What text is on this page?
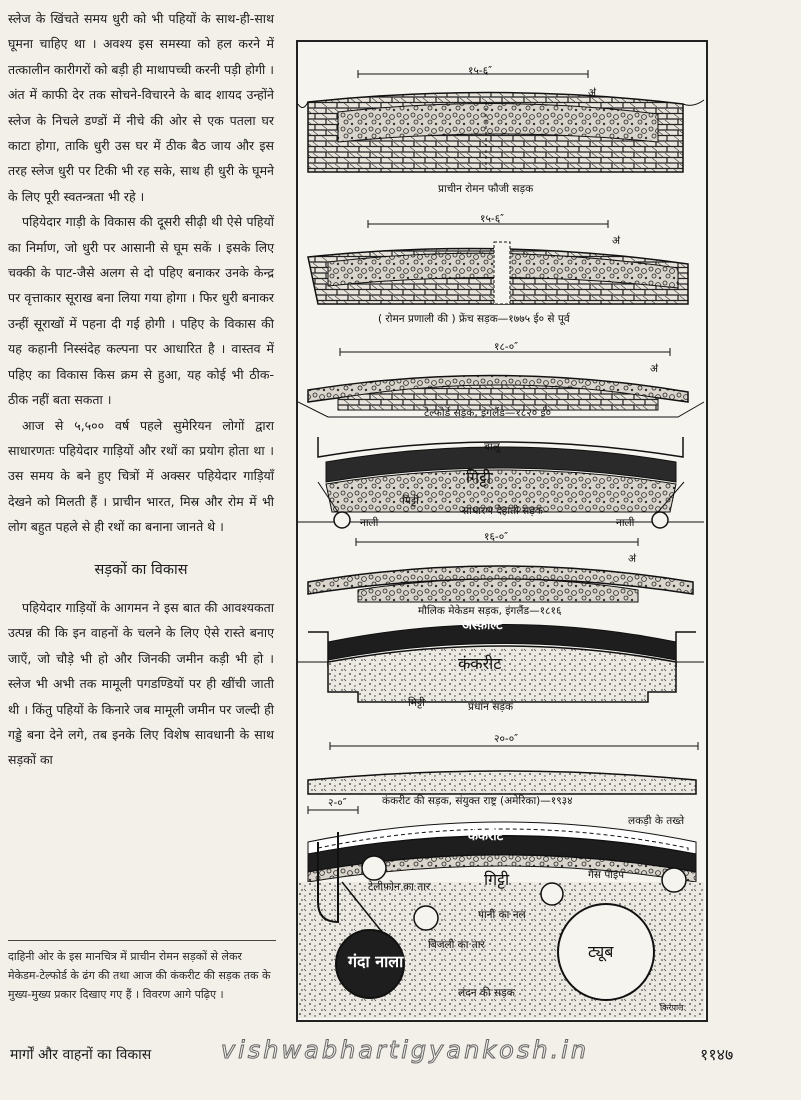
स्लेज के खिंचते समय धुरी को भी पहियों के साथ-ही-साथ घूमना चाहिए था । अवश्य इस समस्या को हल करने में तत्कालीन कारीगरों को बड़ी ही माथापच्ची करनी पड़ी होगी । अंत में काफी देर तक सोचने-विचारने के बाद शायद उन्होंने स्लेज के निचले डण्डों में नीचे की ओर से एक पतला घर काटा होगा, ताकि धुरी उस घर में ठीक बैठ जाय और इस तरह स्लेज धुरी पर टिकी भी रह सके, साथ ही धुरी के घूमने के लिए पूरी स्वतन्त्रता भी रहे ।

पहियेदार गाड़ी के विकास की दूसरी सीढ़ी थी ऐसे पहियों का निर्माण, जो धुरी पर आसानी से घूम सकें । इसके लिए चक्की के पाट-जैसे अलग से दो पहिए बनाकर उनके केन्द्र पर वृत्ताकार सूराख बना लिया गया होगा । फिर धुरी बनाकर उन्हीं सूराखों में पहना दी गई होगी । पहिए के विकास की यह कहानी निस्संदेह कल्पना पर आधारित है । वास्तव में पहिए का विकास किस क्रम से हुआ, यह कोई भी ठीक-ठीक नहीं बता सकता ।

आज से ५,५०० वर्ष पहले सुमेरियन लोगों द्वारा साधारणतः पहियेदार गाड़ियों और रथों का प्रयोग होता था । उस समय के बने हुए चित्रों में अक्सर पहियेदार गाड़ियाँ देखने को मिलती हैं । प्राचीन भारत, मिस्र और रोम में भी लोग बहुत पहले से ही रथों का बनाना जानते थे ।

सड़कों का विकास

पहियेदार गाड़ियों के आगमन ने इस बात की आवश्यकता उत्पन्न की कि इन वाहनों के चलने के लिए ऐसे रास्ते बनाए जाएँ, जो चौड़े भी हो और जिनकी जमीन कड़ी भी हो । स्लेज भी अभी तक मामूली पगडण्डियों पर ही खींची जाती थी । किंतु पहियों के किनारे जब मामूली जमीन पर जल्दी ही गड्डे बना देने लगे, तब इनके लिए विशेष सावधानी के साथ सड़कों का

दाहिनी ओर के इस मानचित्र में प्राचीन रोमन सड़कों से लेकर मेकेडम-टेल्फोर्ड के ढंग की तथा आज की कंकरीट की सड़क तक के मुख्य-मुख्य प्रकार दिखाए गए हैं । विवरण आगे पढ़िए ।
१५-६″
ॳ
प्राचीन रोमन फौजी सड़क
१५-६″
ॳ
( रोमन प्रणाली की ) फ्रेंच सड़क—१७७५ ई० से पूर्व
१८-०″
ॳ
टेल्फोर्ड सड़क, इंगलैंड—१८२० ई०
बालू
गिट्टी
मिट्टी
नाली	नाली
साधारण देहाती सड़क
१६-०″
ॳ
मौलिक मेकेडम सड़क, इंगलैंड—१८१६
अस्फ़ाल्ट
कंकरीट
मिट्टी	प्रधान सड़क
२०-०″
२-०″	कंकरीट की सड़क, संयुक्त राष्ट्र (अमेरिका)—१९३४
कंकरीट
लकड़ी के तख्ते
गिट्टी
टेलीफोन का तार
गैस पाइप
पानी का नल
बिजली का तार
गंदा नाला
ट्यूब
लंदन की सड़क
किरपाल
मार्गों और वाहनों का विकास	vishwabhartigyankosh.in	११४७
